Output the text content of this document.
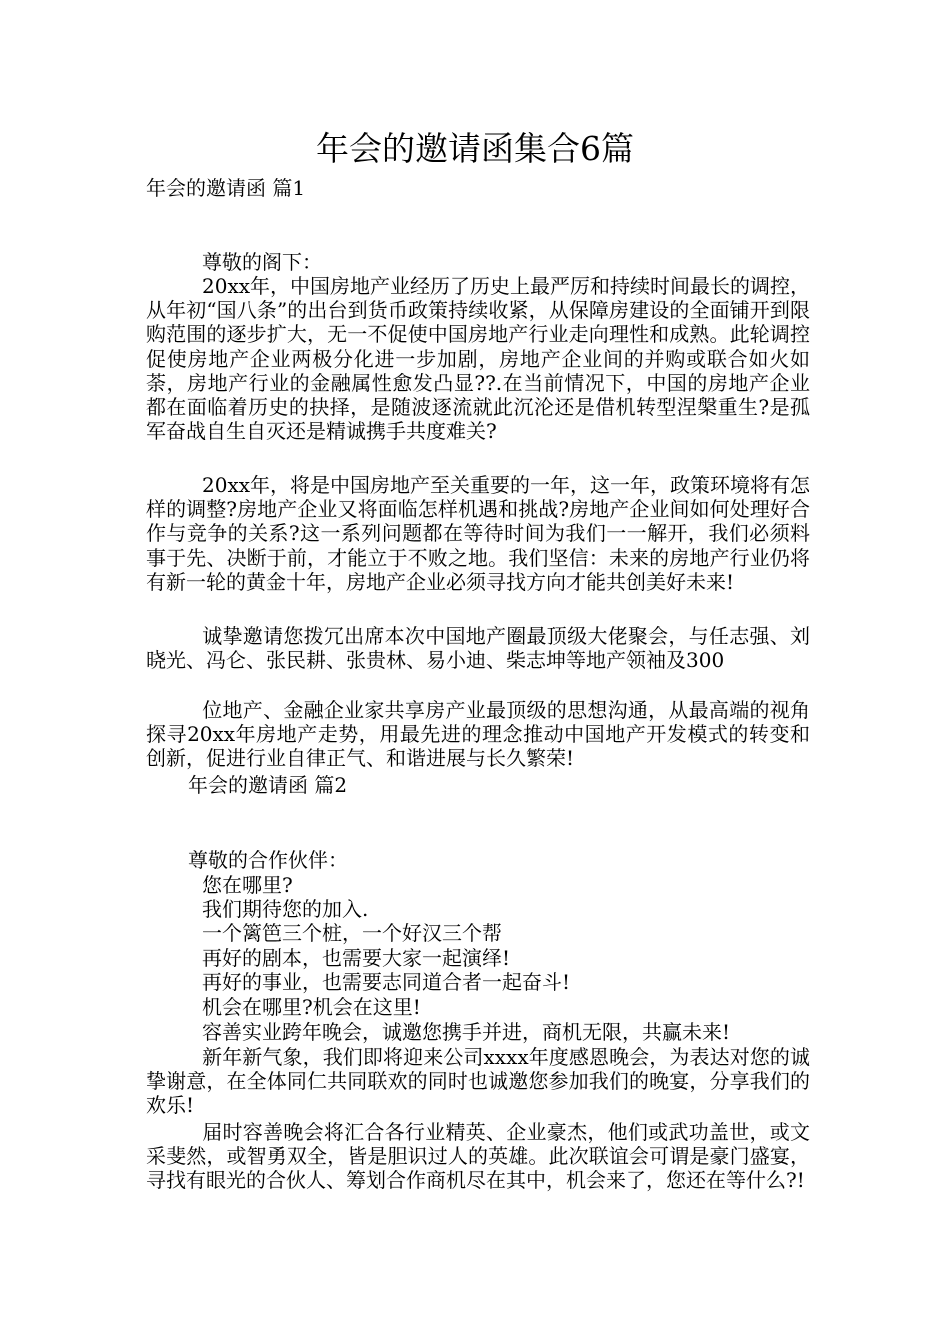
年会的邀请函集合6篇

年会的邀请函 篇1

尊敬的阁下：

20xx年，中国房地产业经历了历史上最严厉和持续时间最长的调控，从年初“国八条”的出台到货币政策持续收紧，从保障房建设的全面铺开到限购范围的逐步扩大，无一不促使中国房地产行业走向理性和成熟。此轮调控促使房地产企业两极分化进一步加剧，房地产企业间的并购或联合如火如荼，房地产行业的金融属性愈发凸显??.在当前情况下，中国的房地产企业都在面临着历史的抉择，是随波逐流就此沉沦还是借机转型涅槃重生?是孤军奋战自生自灭还是精诚携手共度难关?

20xx年，将是中国房地产至关重要的一年，这一年，政策环境将有怎样的调整?房地产企业又将面临怎样机遇和挑战?房地产企业间如何处理好合作与竞争的关系?这一系列问题都在等待时间为我们一一解开，我们必须料事于先、决断于前，才能立于不败之地。我们坚信：未来的房地产行业仍将有新一轮的黄金十年，房地产企业必须寻找方向才能共创美好未来!

诚挚邀请您拨冗出席本次中国地产圈最顶级大佬聚会，与任志强、刘晓光、冯仑、张民耕、张贵林、易小迪、柴志坤等地产领袖及300

位地产、金融企业家共享房产业最顶级的思想沟通，从最高端的视角探寻20xx年房地产走势，用最先进的理念推动中国地产开发模式的转变和创新，促进行业自律正气、和谐进展与长久繁荣!

年会的邀请函 篇2

尊敬的合作伙伴：

您在哪里?

我们期待您的加入.

一个篱笆三个桩，一个好汉三个帮

再好的剧本，也需要大家一起演绎!

再好的事业，也需要志同道合者一起奋斗!

机会在哪里?机会在这里!

容善实业跨年晚会，诚邀您携手并进，商机无限，共赢未来!

新年新气象，我们即将迎来公司xxxx年度感恩晚会，为表达对您的诚挚谢意，在全体同仁共同联欢的同时也诚邀您参加我们的晚宴，分享我们的欢乐!

届时容善晚会将汇合各行业精英、企业豪杰，他们或武功盖世，或文采斐然，或智勇双全，皆是胆识过人的英雄。此次联谊会可谓是豪门盛宴，寻找有眼光的合伙人、筹划合作商机尽在其中，机会来了，您还在等什么?!
